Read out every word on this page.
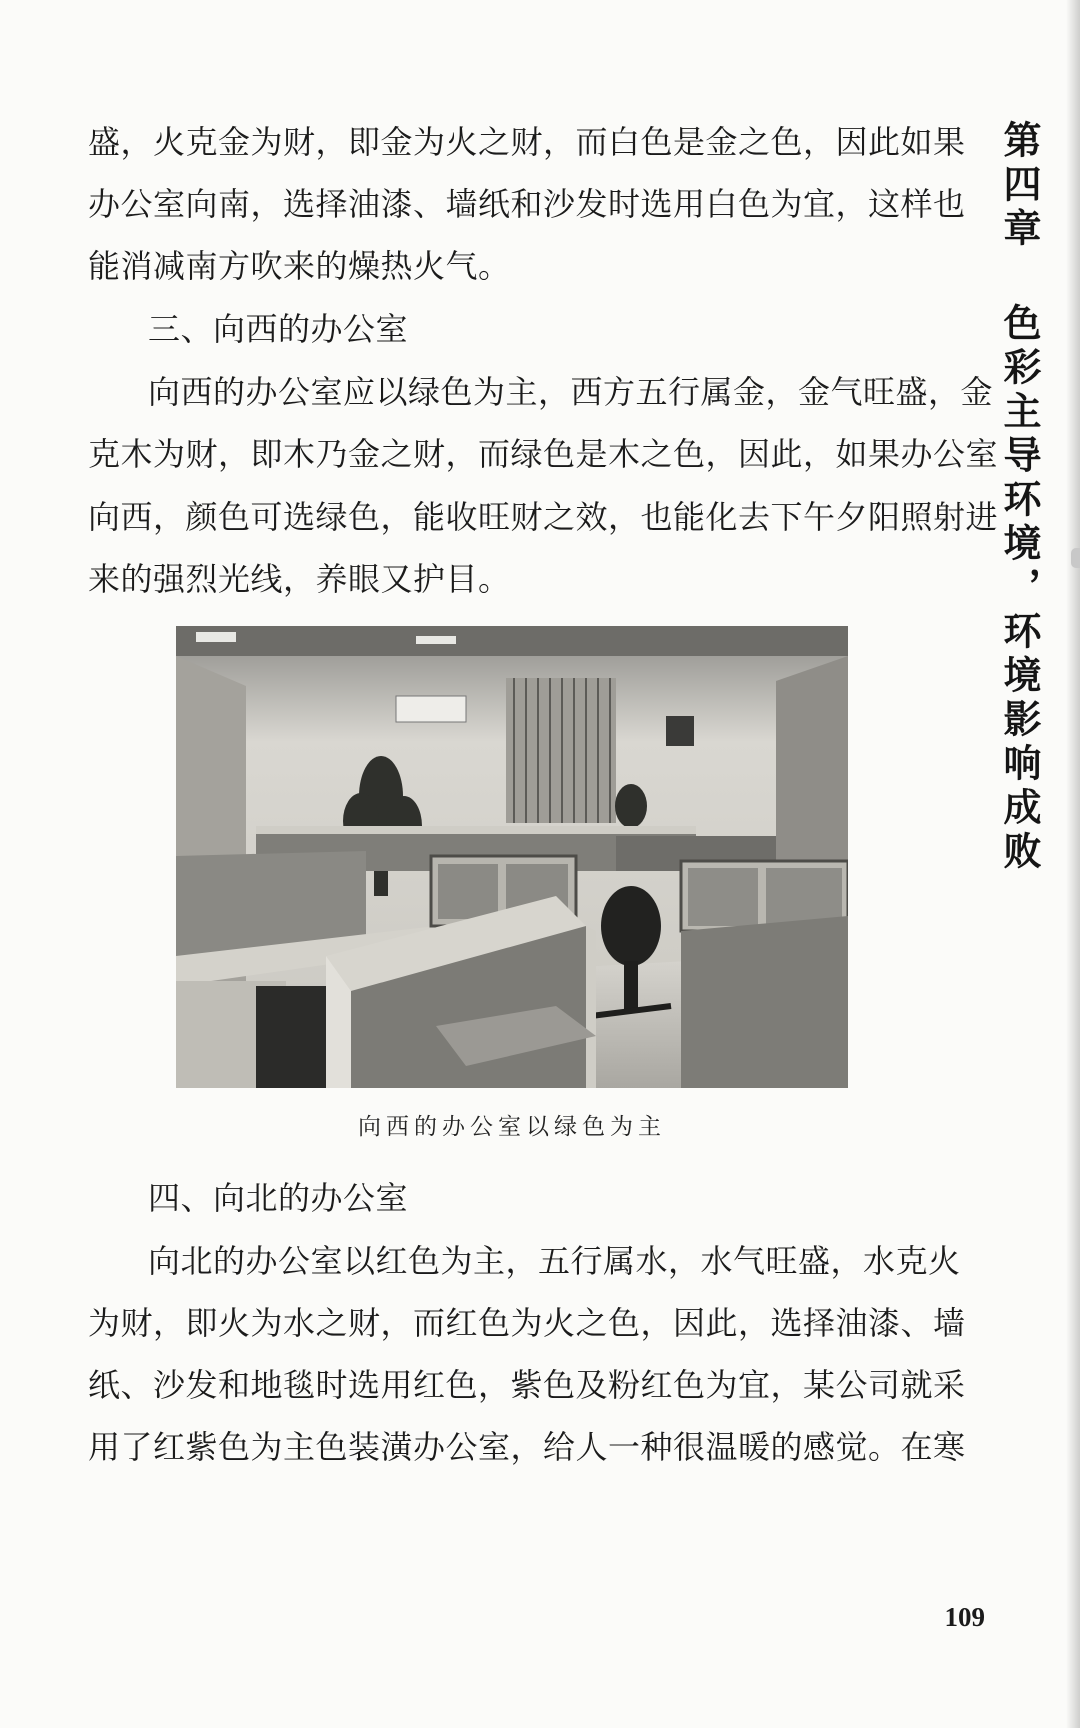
第四章 色彩主导环境，环境影响成败

盛，火克金为财，即金为火之财，而白色是金之色，因此如果

办公室向南，选择油漆、墙纸和沙发时选用白色为宜，这样也

能消减南方吹来的燥热火气。

三、向西的办公室

向西的办公室应以绿色为主，西方五行属金，金气旺盛，金

克木为财，即木乃金之财，而绿色是木之色，因此，如果办公室

向西，颜色可选绿色，能收旺财之效，也能化去下午夕阳照射进

来的强烈光线，养眼又护目。

向西的办公室以绿色为主

四、向北的办公室

向北的办公室以红色为主，五行属水，水气旺盛，水克火

为财，即火为水之财，而红色为火之色，因此，选择油漆、墙

纸、沙发和地毯时选用红色，紫色及粉红色为宜，某公司就采

用了红紫色为主色装潢办公室，给人一种很温暖的感觉。在寒

109
